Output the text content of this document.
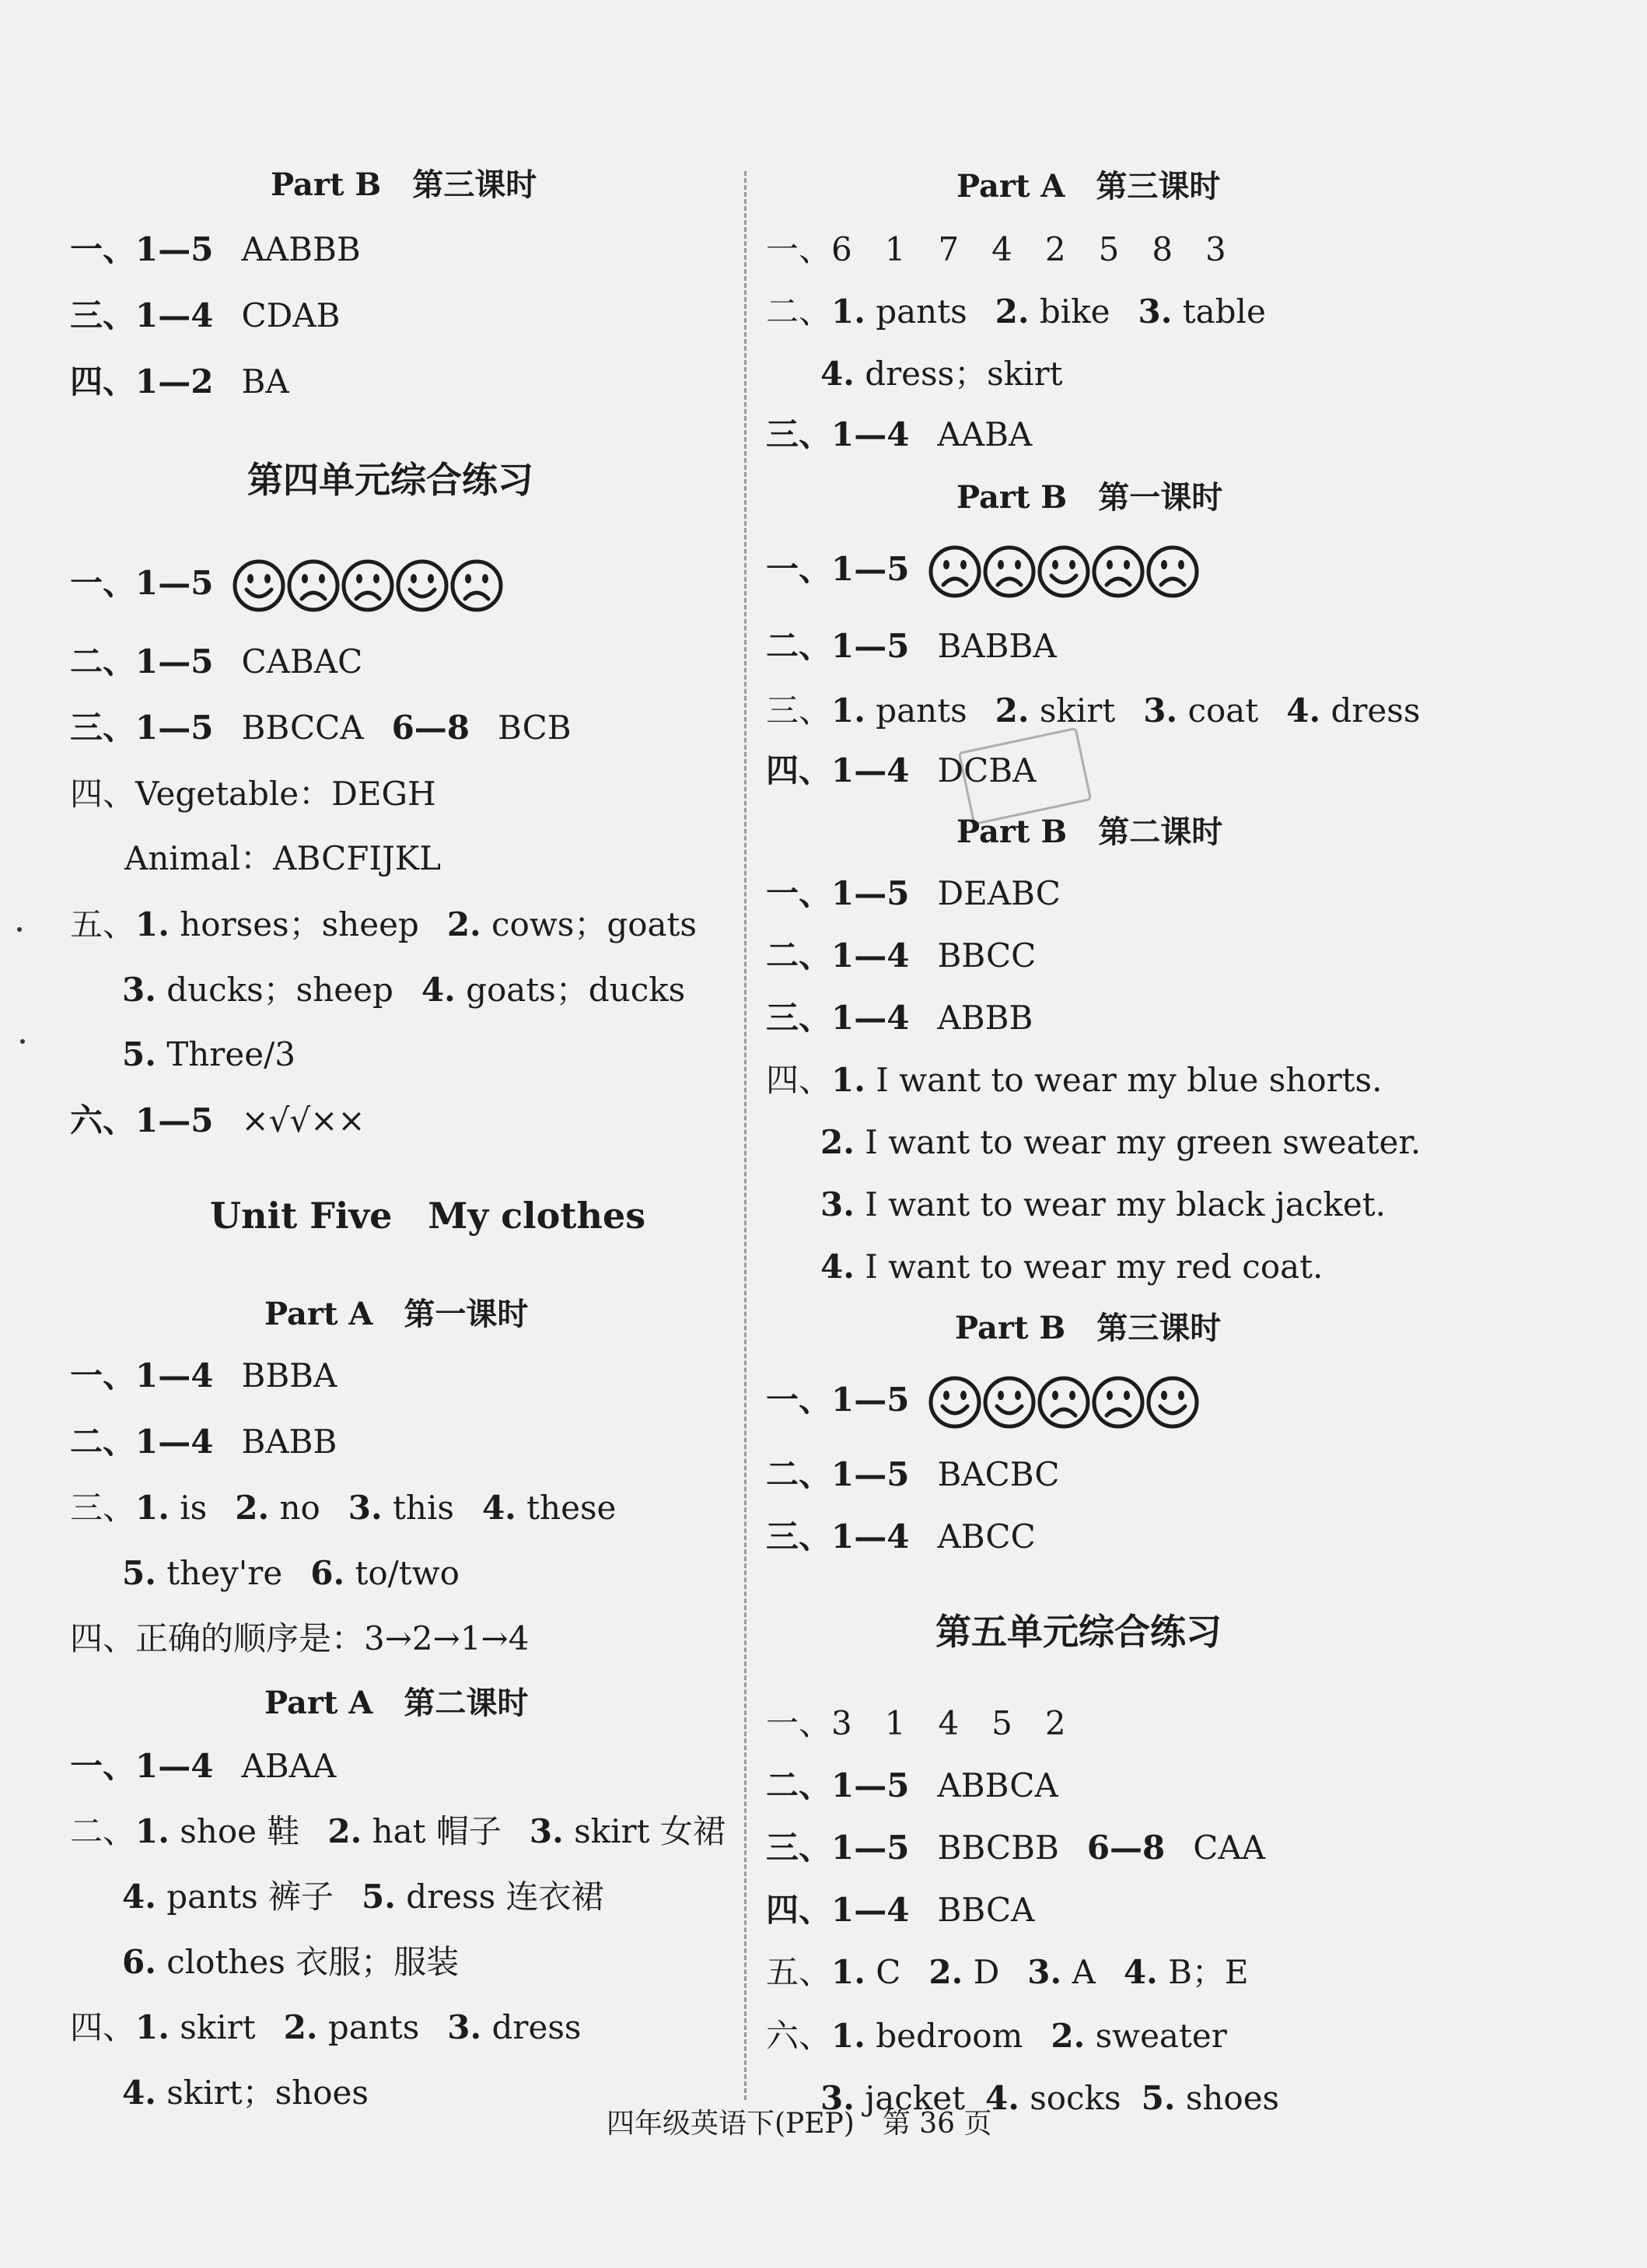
Part B　第三课时
一、1—5 AABBB
三、1—4 CDAB
四、1—2 BA
第四单元综合练习
一、1—5
二、1—5 CABAC
三、1—5 BBCCA 6—8 BCB
四、Vegetable：DEGH
Animal：ABCFIJKL
五、1. horses；sheep 2. cows；goats
3. ducks；sheep 4. goats；ducks
5. Three/3
六、1—5 ×√√××
Unit Five　My clothes
Part A　第一课时
一、1—4 BBBA
二、1—4 BABB
三、1. is 2. no 3. this 4. these
5. they're 6. to/two
四、正确的顺序是：3→2→1→4
Part A　第二课时
一、1—4 ABAA
二、1. shoe 鞋 2. hat 帽子 3. skirt 女裙
4. pants 裤子 5. dress 连衣裙
6. clothes 衣服；服装
四、1. skirt 2. pants 3. dress
4. skirt；shoes
Part A　第三课时
一、6　1　7　4　2　5　8　3
二、1. pants 2. bike 3. table
4. dress；skirt
三、1—4 AABA
Part B　第一课时
一、1—5
二、1—5 BABBA
三、1. pants 2. skirt 3. coat 4. dress
四、1—4 DCBA
Part B　第二课时
一、1—5 DEABC
二、1—4 BBCC
三、1—4 ABBB
四、1. I want to wear my blue shorts.
2. I want to wear my green sweater.
3. I want to wear my black jacket.
4. I want to wear my red coat.
Part B　第三课时
一、1—5
二、1—5 BACBC
三、1—4 ABCC
第五单元综合练习
一、3　1　4　5　2
二、1—5 ABBCA
三、1—5 BBCBB 6—8 CAA
四、1—4 BBCA
五、1. C 2. D 3. A 4. B；E
六、1. bedroom 2. sweater
3. jacket 4. socks 5. shoes
四年级英语下(PEP)　第 36 页
